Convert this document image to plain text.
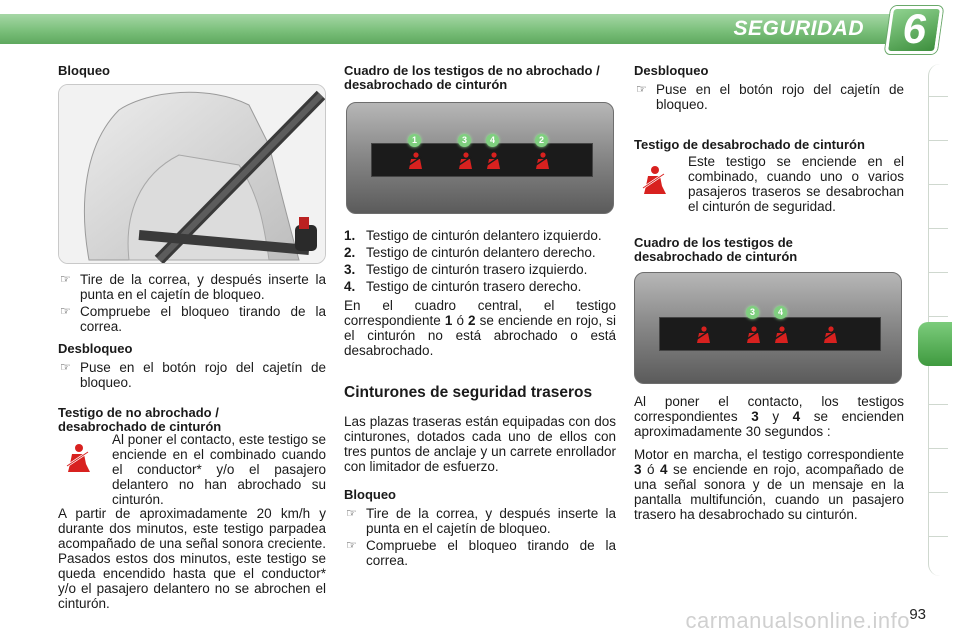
SEGURIDAD 6
Bloqueo
☞ Tire de la correa, y después inserte la punta en el cajetín de bloqueo.
☞ Compruebe el bloqueo tirando de la correa.
Desbloqueo
☞ Puse en el botón rojo del cajetín de bloqueo.
Testigo de no abrochado / desabrochado de cinturón
Al poner el contacto, este testigo se enciende en el combinado cuando el conductor* y/o el pasajero delantero no han abrochado su cinturón.
A partir de aproximadamente 20 km/h y durante dos minutos, este testigo parpadea acompañado de una señal sonora creciente. Pasados estos dos minutos, este testigo se queda encendido hasta que el conductor* y/o el pasajero delantero no se abrochen el cinturón.
Cuadro de los testigos de no abrochado / desabrochado de cinturón
1	3	4	2
1. Testigo de cinturón delantero izquierdo.
2. Testigo de cinturón delantero derecho.
3. Testigo de cinturón trasero izquierdo.
4. Testigo de cinturón trasero derecho.
En el cuadro central, el testigo correspondiente 1 ó 2 se enciende en rojo, si el cinturón no está abrochado o está desabrochado.
Cinturones de seguridad traseros
Las plazas traseras están equipadas con dos cinturones, dotados cada uno de ellos con tres puntos de anclaje y un carrete enrollador con limitador de esfuerzo.
Bloqueo
☞ Tire de la correa, y después inserte la punta en el cajetín de bloqueo.
☞ Compruebe el bloqueo tirando de la correa.
Desbloqueo
☞ Puse en el botón rojo del cajetín de bloqueo.
Testigo de desabrochado de cinturón
Este testigo se enciende en el combinado, cuando uno o varios pasajeros traseros se desabrochan el cinturón de seguridad.
Cuadro de los testigos de desabrochado de cinturón
3	4
Al poner el contacto, los testigos correspondientes 3 y 4 se encienden aproximadamente 30 segundos :
Motor en marcha, el testigo correspondiente 3 ó 4 se enciende en rojo, acompañado de una señal sonora y de un mensaje en la pantalla multifunción, cuando un pasajero trasero ha desabrochado su cinturón.
carmanualsonline.info 93
